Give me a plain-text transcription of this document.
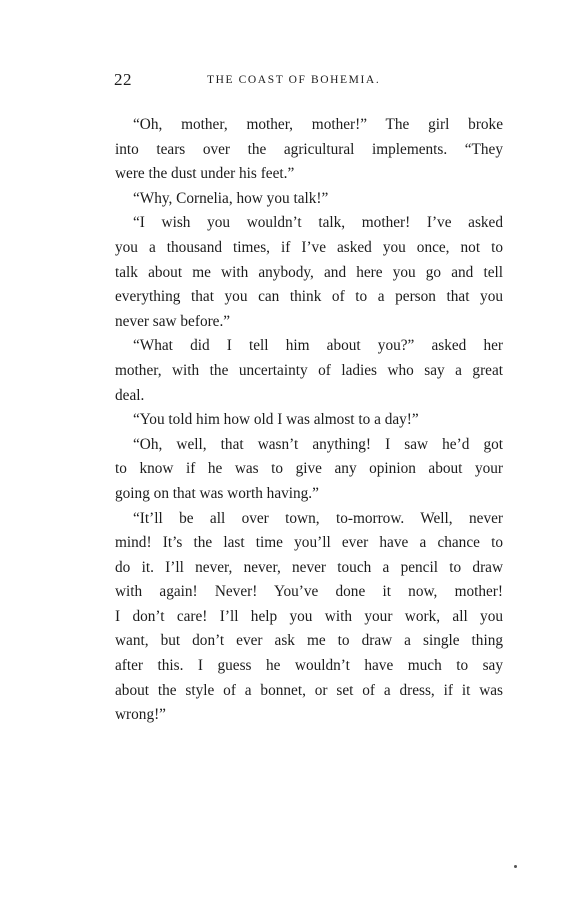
22	THE COAST OF BOHEMIA.
“Oh, mother, mother, mother!” The girl broke
into tears over the agricultural implements. “They
were the dust under his feet.”
“Why, Cornelia, how you talk!”
“I wish you wouldn’t talk, mother! I’ve asked
you a thousand times, if I’ve asked you once, not to
talk about me with anybody, and here you go and tell
everything that you can think of to a person that you
never saw before.”
“What did I tell him about you?” asked her
mother, with the uncertainty of ladies who say a great
deal.
“You told him how old I was almost to a day!”
“Oh, well, that wasn’t anything! I saw he’d got
to know if he was to give any opinion about your
going on that was worth having.”
“It’ll be all over town, to-morrow. Well, never
mind! It’s the last time you’ll ever have a chance to
do it. I’ll never, never, never touch a pencil to draw
with again! Never! You’ve done it now, mother!
I don’t care! I’ll help you with your work, all you
want, but don’t ever ask me to draw a single thing
after this. I guess he wouldn’t have much to say
about the style of a bonnet, or set of a dress, if it was
wrong!”
